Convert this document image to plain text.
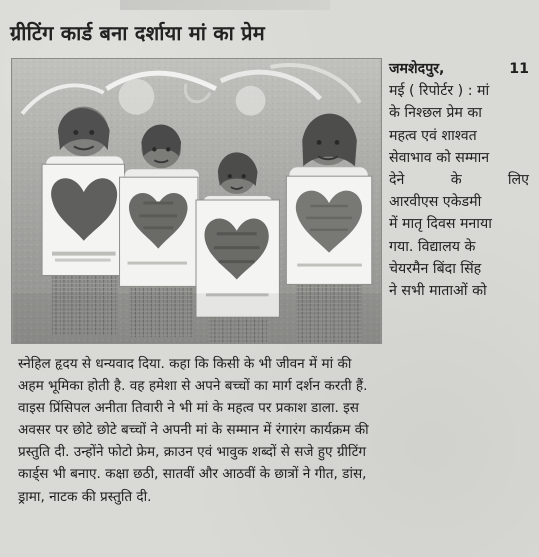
ग्रीटिंग कार्ड बना दर्शाया मां का प्रेम
जमशेदपुर,	11
मई ( रिपोर्टर ) : मां
के निश्छल प्रेम का
महत्व एवं शाश्वत
सेवाभाव को सम्मान
देने	के	लिए
आरवीएस एकेडमी
में मातृ दिवस मनाया
गया. विद्यालय के
चेयरमैन बिंदा सिंह
ने सभी माताओं को
स्नेहिल हृदय से धन्यवाद दिया. कहा कि किसी के भी जीवन में मां की
अहम भूमिका होती है. वह हमेशा से अपने बच्चों का मार्ग दर्शन करती हैं.
वाइस प्रिंसिपल अनीता तिवारी ने भी मां के महत्व पर प्रकाश डाला. इस
अवसर पर छोटे छोटे बच्चों ने अपनी मां के सम्मान में रंगारंग कार्यक्रम की
प्रस्तुति दी. उन्होंने फोटो फ्रेम, क्राउन एवं भावुक शब्दों से सजे हुए ग्रीटिंग
कार्ड्स भी बनाए. कक्षा छठी, सातवीं और आठवीं के छात्रों ने गीत, डांस,
ड्रामा, नाटक की प्रस्तुति दी.
